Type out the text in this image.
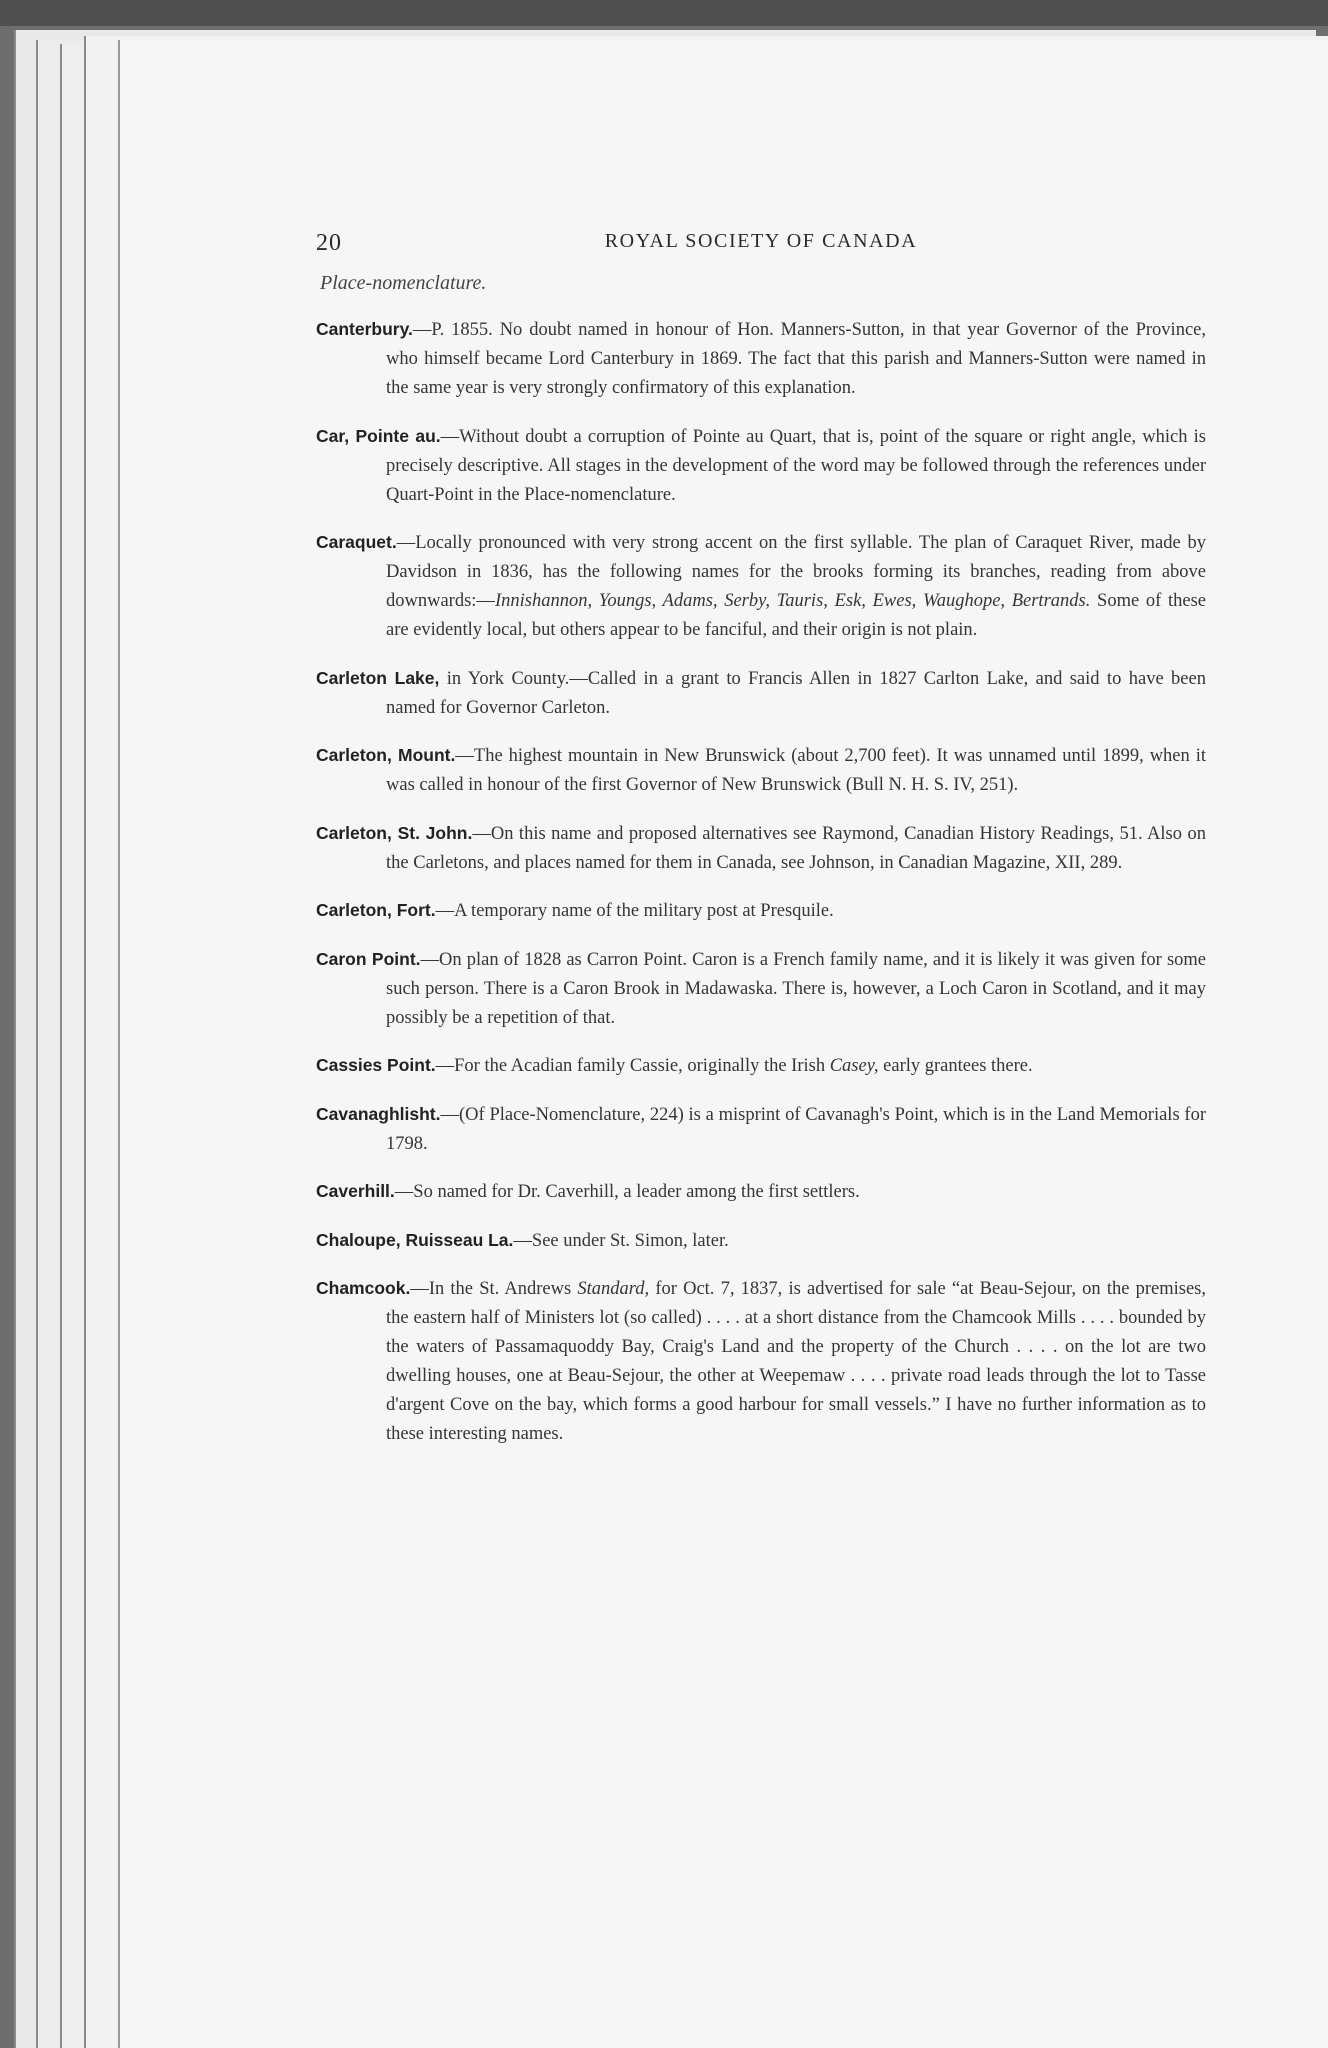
20	ROYAL SOCIETY OF CANADA
Place-nomenclature.

Canterbury.—P. 1855. No doubt named in honour of Hon. Manners-Sutton, in that year Governor of the Province, who himself became Lord Canterbury in 1869. The fact that this parish and Manners-Sutton were named in the same year is very strongly confirmatory of this explanation.

Car, Pointe au.—Without doubt a corruption of Pointe au Quart, that is, point of the square or right angle, which is precisely descriptive. All stages in the development of the word may be followed through the references under Quart-Point in the Place-nomenclature.

Caraquet.—Locally pronounced with very strong accent on the first syllable. The plan of Caraquet River, made by Davidson in 1836, has the following names for the brooks forming its branches, reading from above downwards:—Innishannon, Youngs, Adams, Serby, Tauris, Esk, Ewes, Waughope, Bertrands. Some of these are evidently local, but others appear to be fanciful, and their origin is not plain.

Carleton Lake, in York County.—Called in a grant to Francis Allen in 1827 Carlton Lake, and said to have been named for Governor Carleton.

Carleton, Mount.—The highest mountain in New Brunswick (about 2,700 feet). It was unnamed until 1899, when it was called in honour of the first Governor of New Brunswick (Bull N. H. S. IV, 251).

Carleton, St. John.—On this name and proposed alternatives see Raymond, Canadian History Readings, 51. Also on the Carletons, and places named for them in Canada, see Johnson, in Canadian Magazine, XII, 289.

Carleton, Fort.—A temporary name of the military post at Presquile.

Caron Point.—On plan of 1828 as Carron Point. Caron is a French family name, and it is likely it was given for some such person. There is a Caron Brook in Madawaska. There is, however, a Loch Caron in Scotland, and it may possibly be a repetition of that.

Cassies Point.—For the Acadian family Cassie, originally the Irish Casey, early grantees there.

Cavanaghlisht.—(Of Place-Nomenclature, 224) is a misprint of Cavanagh's Point, which is in the Land Memorials for 1798.

Caverhill.—So named for Dr. Caverhill, a leader among the first settlers.

Chaloupe, Ruisseau La.—See under St. Simon, later.

Chamcook.—In the St. Andrews Standard, for Oct. 7, 1837, is advertised for sale “at Beau-Sejour, on the premises, the eastern half of Ministers lot (so called) . . . . at a short distance from the Chamcook Mills . . . . bounded by the waters of Passamaquoddy Bay, Craig's Land and the property of the Church . . . . on the lot are two dwelling houses, one at Beau-Sejour, the other at Weepemaw . . . . private road leads through the lot to Tasse d'argent Cove on the bay, which forms a good harbour for small vessels.” I have no further information as to these interesting names.
